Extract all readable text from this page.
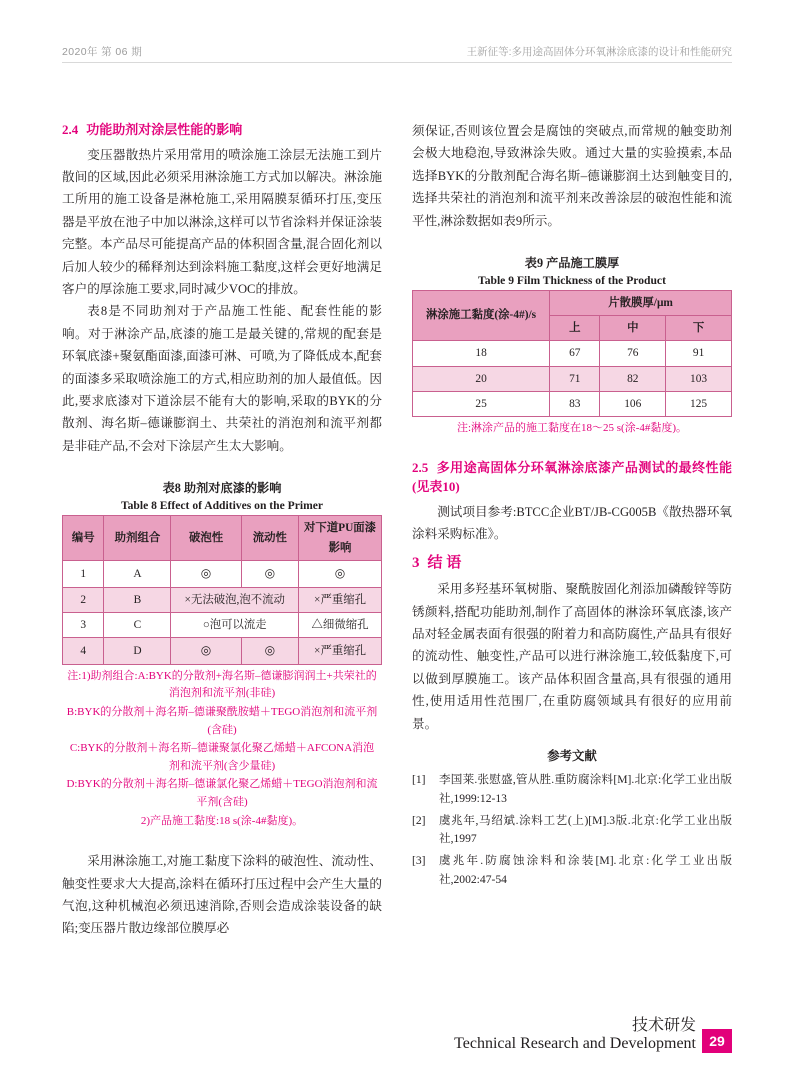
2020年 第 06 期	王新征等:多用途高固体分环氧淋涂底漆的设计和性能研究
2.4 功能助剂对涂层性能的影响

变压器散热片采用常用的喷涂施工涂层无法施工到片散间的区域,因此必须采用淋涂施工方式加以解决。淋涂施工所用的施工设备是淋枪施工,采用隔膜泵循环打压,变压器是平放在池子中加以淋涂,这样可以节省涂料并保证涂装完整。本产品尽可能提高产品的体积固含量,混合固化剂以后加人较少的稀释剂达到涂料施工黏度,这样会更好地满足客户的厚涂施工要求,同时减少VOC的排放。

表8是不同助剂对于产品施工性能、配套性能的影响。对于淋涂产品,底漆的施工是最关键的,常规的配套是环氧底漆+聚氨酯面漆,面漆可淋、可喷,为了降低成本,配套的面漆多采取喷涂施工的方式,相应助剂的加人最值低。因此,要求底漆对下道涂层不能有大的影响,采取的BYK的分散剂、海名斯–德谦膨润土、共荣社的消泡剂和流平剂都是非硅产品,不会对下涂层产生太大影响。

表8 助剂对底漆的影响
Table 8 Effect of Additives on the Primer
编号	助剂组合	破泡性	流动性	对下道PU面漆影响
1	A	◎	◎	◎
2	B	×无法破泡,泡不流动		×严重缩孔
3	C	○泡可以流走		△细微缩孔
4	D	◎	◎	×严重缩孔
注:1)助剂组合:A:BYK的分散剂+海名斯–德谦膨润润土+共荣社的消泡剂和流平剂(非硅)
B:BYK的分散剂＋海名斯–德谦聚酰胺蜡＋TEGO消泡剂和流平剂(含硅)
C:BYK的分散剂＋海名斯–德谦聚氯化聚乙烯蜡＋AFCONA消泡剂和流平剂(含少量硅)
D:BYK的分散剂＋海名斯–德谦氯化聚乙烯蜡＋TEGO消泡剂和流平剂(含硅)
2)产品施工黏度:18 s(涂-4#黏度)。

采用淋涂施工,对施工黏度下涂料的破泡性、流动性、触变性要求大大提高,涂料在循环打压过程中会产生大量的气泡,这种机械泡必须迅速消除,否则会造成涂装设备的缺陷;变压器片散边缘部位膜厚必

须保证,否则该位置会是腐蚀的突破点,而常规的触变助剂会极大地稳泡,导致淋涂失败。通过大量的实验摸索,本品选择BYK的分散剂配合海名斯–德谦膨润土达到触变目的,选择共荣社的消泡剂和流平剂来改善涂层的破泡性能和流平性,淋涂数据如表9所示。

表9 产品施工膜厚
Table 9 Film Thickness of the Product
淋涂施工黏度(涂-4#)/s	片散膜厚/μm		
	上	中	下
18	67	76	91
20	71	82	103
25	83	106	125
注:淋涂产品的施工黏度在18～25 s(涂-4#黏度)。
2.5 多用途高固体分环氧淋涂底漆产品测试的最终性能(见表10)

测试项目参考:BTCC企业BT/JB-CG005B《散热器环氧涂料采购标准》。

3 结 语

采用多羟基环氧树脂、聚酰胺固化剂添加磷酸锌等防锈颜料,搭配功能助剂,制作了高固体的淋涂环氧底漆,该产品对轻金属表面有很强的附着力和高防腐性,产品具有很好的流动性、触变性,产品可以进行淋涂施工,较低黏度下,可以做到厚膜施工。该产品体积固含量高,具有很强的通用性,使用适用性范围厂,在重防腐领域具有很好的应用前景。

参考文献
[1]	李国莱.张慰盛,管从胜.重防腐涂料[M].北京:化学工业出版社,1999:12-13
[2]	虞兆年,马绍斌.涂料工艺(上)[M].3版.北京:化学工业出版社,1997
[3]	虞兆年.防腐蚀涂料和涂装[M].北京:化学工业出版社,2002:47-54
技术研发
Technical Research and Development 29
